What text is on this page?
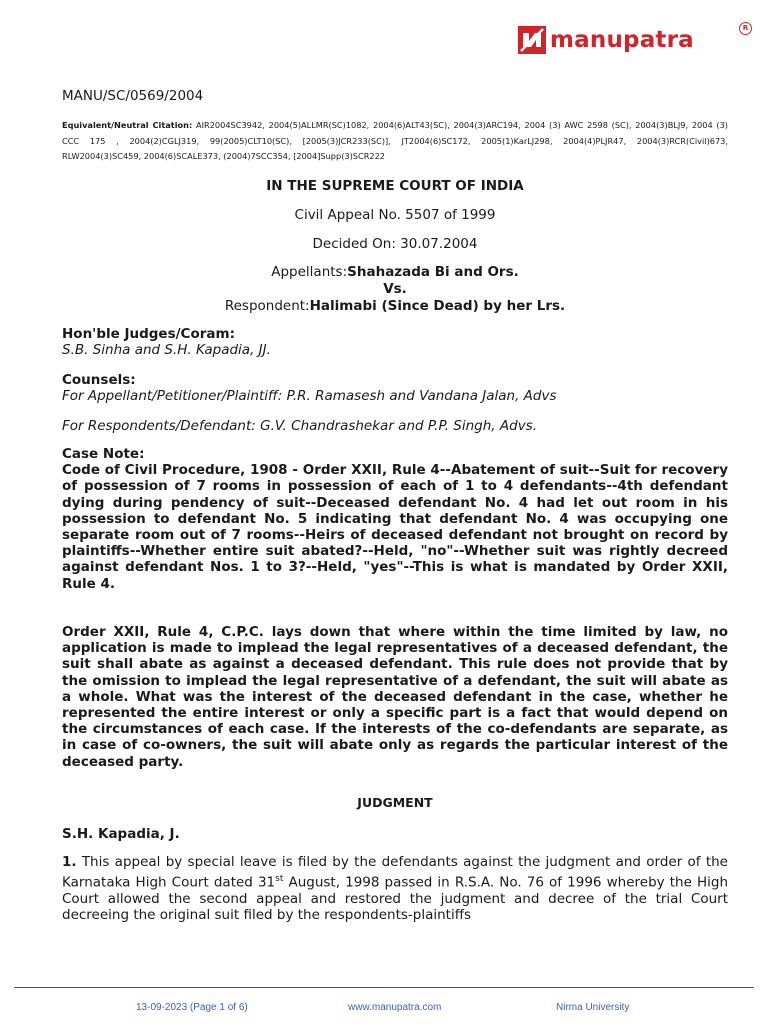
manupatra	R
MANU/SC/0569/2004
Equivalent/Neutral Citation: AIR2004SC3942, 2004(5)ALLMR(SC)1082, 2004(6)ALT43(SC), 2004(3)ARC194, 2004 (3) AWC 2598 (SC), 2004(3)BLJ9, 2004 (3) CCC 175 , 2004(2)CGLJ319, 99(2005)CLT10(SC), [2005(3)JCR233(SC)], JT2004(6)SC172, 2005(1)KarLJ298, 2004(4)PLJR47, 2004(3)RCR(Civil)673, RLW2004(3)SC459, 2004(6)SCALE373, (2004)7SCC354, [2004]Supp(3)SCR222
IN THE SUPREME COURT OF INDIA
Civil Appeal No. 5507 of 1999
Decided On: 30.07.2004
Appellants:Shahazada Bi and Ors.
Vs.
Respondent:Halimabi (Since Dead) by her Lrs.
Hon'ble Judges/Coram:
S.B. Sinha and S.H. Kapadia, JJ.
Counsels:
For Appellant/Petitioner/Plaintiff: P.R. Ramasesh and Vandana Jalan, Advs
For Respondents/Defendant: G.V. Chandrashekar and P.P. Singh, Advs.
Case Note:
Code of Civil Procedure, 1908 - Order XXII, Rule 4--Abatement of suit--Suit for recovery of possession of 7 rooms in possession of each of 1 to 4 defendants--4th defendant dying during pendency of suit--Deceased defendant No. 4 had let out room in his possession to defendant No. 5 indicating that defendant No. 4 was occupying one separate room out of 7 rooms--Heirs of deceased defendant not brought on record by plaintiffs--Whether entire suit abated?--Held, "no"--Whether suit was rightly decreed against defendant Nos. 1 to 3?--Held, "yes"--This is what is mandated by Order XXII, Rule 4.
Order XXII, Rule 4, C.P.C. lays down that where within the time limited by law, no application is made to implead the legal representatives of a deceased defendant, the suit shall abate as against a deceased defendant. This rule does not provide that by the omission to implead the legal representative of a defendant, the suit will abate as a whole. What was the interest of the deceased defendant in the case, whether he represented the entire interest or only a specific part is a fact that would depend on the circumstances of each case. If the interests of the co-defendants are separate, as in case of co-owners, the suit will abate only as regards the particular interest of the deceased party.
JUDGMENT
S.H. Kapadia, J.
1. This appeal by special leave is filed by the defendants against the judgment and order of the Karnataka High Court dated 31st August, 1998 passed in R.S.A. No. 76 of 1996 whereby the High Court allowed the second appeal and restored the judgment and decree of the trial Court decreeing the original suit filed by the respondents-plaintiffs
13-09-2023 (Page 1 of 6)	www.manupatra.com	Nirma University
